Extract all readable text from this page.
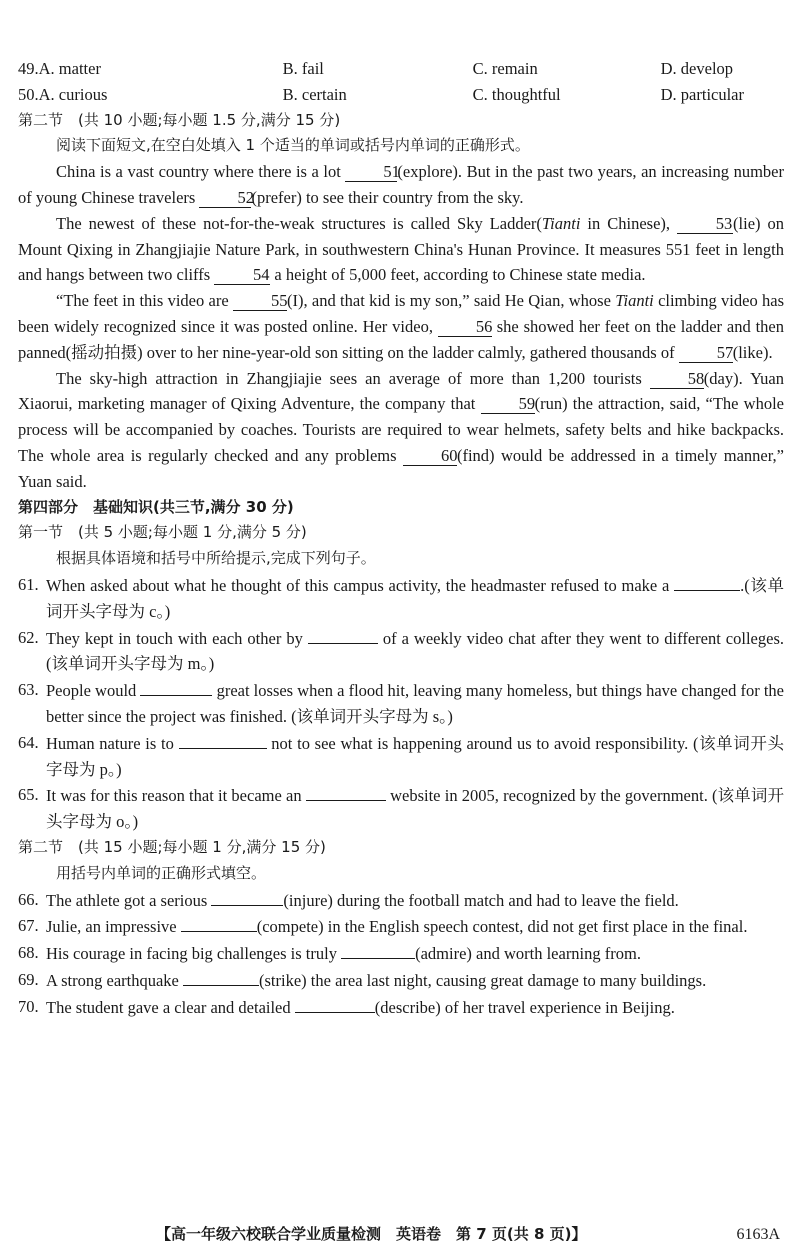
49. A. matter	B. fail	C. remain	D. develop
50. A. curious	B. certain	C. thoughtful	D. particular
第二节　(共 10 小题;每小题 1.5 分,满分 15 分)
阅读下面短文,在空白处填入 1 个适当的单词或括号内单词的正确形式。

China is a vast country where there is a lot 51(explore). But in the past two years, an increasing number of young Chinese travelers 52(prefer) to see their country from the sky.

The newest of these not-for-the-weak structures is called Sky Ladder(Tianti in Chinese), 53(lie) on Mount Qixing in Zhangjiajie Nature Park, in southwestern China's Hunan Province. It measures 551 feet in length and hangs between two cliffs 54 a height of 5,000 feet, according to Chinese state media.

“The feet in this video are 55(I), and that kid is my son,” said He Qian, whose Tianti climbing video has been widely recognized since it was posted online. Her video, 56 she showed her feet on the ladder and then panned(摇动拍摄) over to her nine-year-old son sitting on the ladder calmly, gathered thousands of 57(like).

The sky-high attraction in Zhangjiajie sees an average of more than 1,200 tourists 58(day). Yuan Xiaorui, marketing manager of Qixing Adventure, the company that 59(run) the attraction, said, “The whole process will be accompanied by coaches. Tourists are required to wear helmets, safety belts and hike backpacks. The whole area is regularly checked and any problems 60(find) would be addressed in a timely manner,” Yuan said.

第四部分　基础知识(共三节,满分 30 分)
第一节　(共 5 小题;每小题 1 分,满分 5 分)
根据具体语境和括号中所给提示,完成下列句子。
61. When asked about what he thought of this campus activity, the headmaster refused to make a	.(该单词开头字母为 c。)
62. They kept in touch with each other by	of a weekly video chat after they went to different colleges. (该单词开头字母为 m。)
63. People would	great losses when a flood hit, leaving many homeless, but things have changed for the better since the project was finished. (该单词开头字母为 s。)
64. Human nature is to	not to see what is happening around us to avoid responsibility. (该单词开头字母为 p。)
65. It was for this reason that it became an	website in 2005, recognized by the government. (该单词开头字母为 o。)
第二节　(共 15 小题;每小题 1 分,满分 15 分)
用括号内单词的正确形式填空。
66. The athlete got a serious	(injure) during the football match and had to leave the field.
67. Julie, an impressive	(compete) in the English speech contest, did not get first place in the final.
68. His courage in facing big challenges is truly	(admire) and worth learning from.
69. A strong earthquake	(strike) the area last night, causing great damage to many buildings.
70. The student gave a clear and detailed	(describe) of her travel experience in Beijing.
【高一年级六校联合学业质量检测　英语卷　第 7 页(共 8 页)】	6163A
